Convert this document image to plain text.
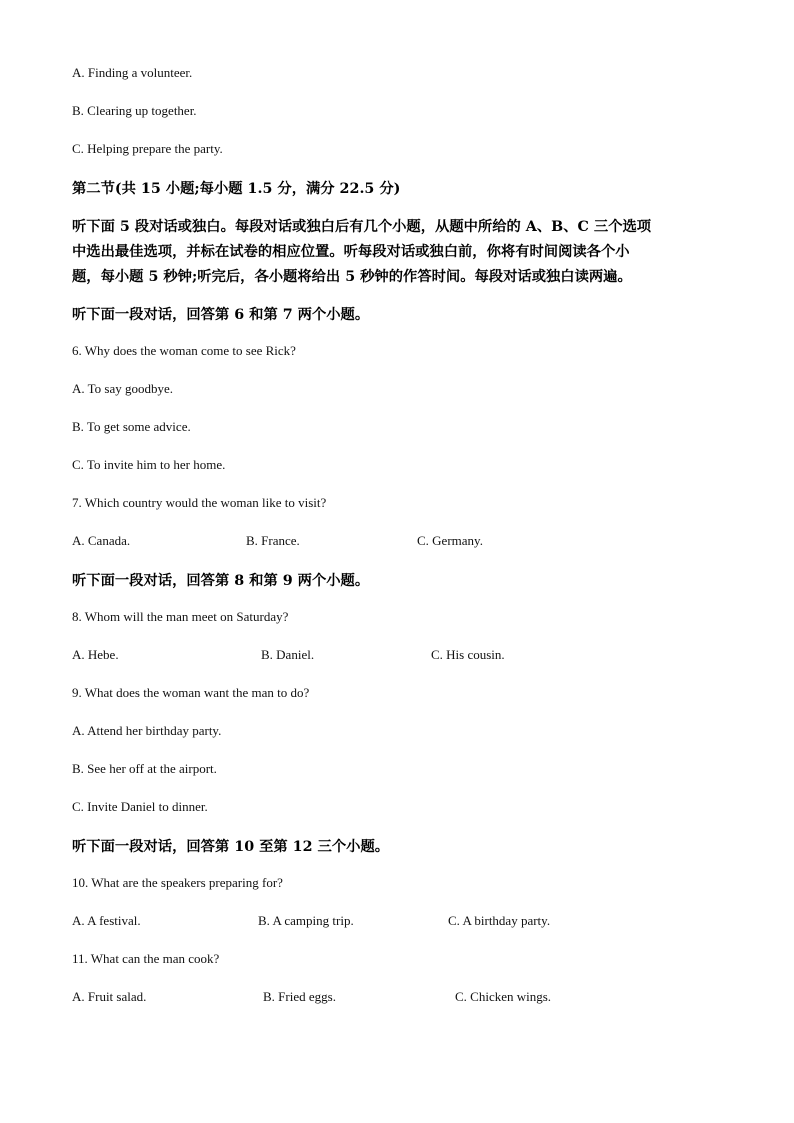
A. Finding a volunteer.
B. Clearing up together.
C. Helping prepare the party.
第二节(共 15 小题;每小题 1.5 分，满分 22.5 分)
听下面 5 段对话或独白。每段对话或独白后有几个小题，从题中所给的 A、B、C 三个选项
中选出最佳选项，并标在试卷的相应位置。听每段对话或独白前，你将有时间阅读各个小
题，每小题 5 秒钟;听完后，各小题将给出 5 秒钟的作答时间。每段对话或独白读两遍。
听下面一段对话，回答第 6 和第 7 两个小题。
6. Why does the woman come to see Rick?
A. To say goodbye.
B. To get some advice.
C. To invite him to her home.
7. Which country would the woman like to visit?
A. Canada.	B. France.	C. Germany.
听下面一段对话，回答第 8 和第 9 两个小题。
8. Whom will the man meet on Saturday?
A. Hebe.	B. Daniel.	C. His cousin.
9. What does the woman want the man to do?
A. Attend her birthday party.
B. See her off at the airport.
C. Invite Daniel to dinner.
听下面一段对话，回答第 10 至第 12 三个小题。
10. What are the speakers preparing for?
A. A festival.	B. A camping trip.	C. A birthday party.
11. What can the man cook?
A. Fruit salad.	B. Fried eggs.	C. Chicken wings.
